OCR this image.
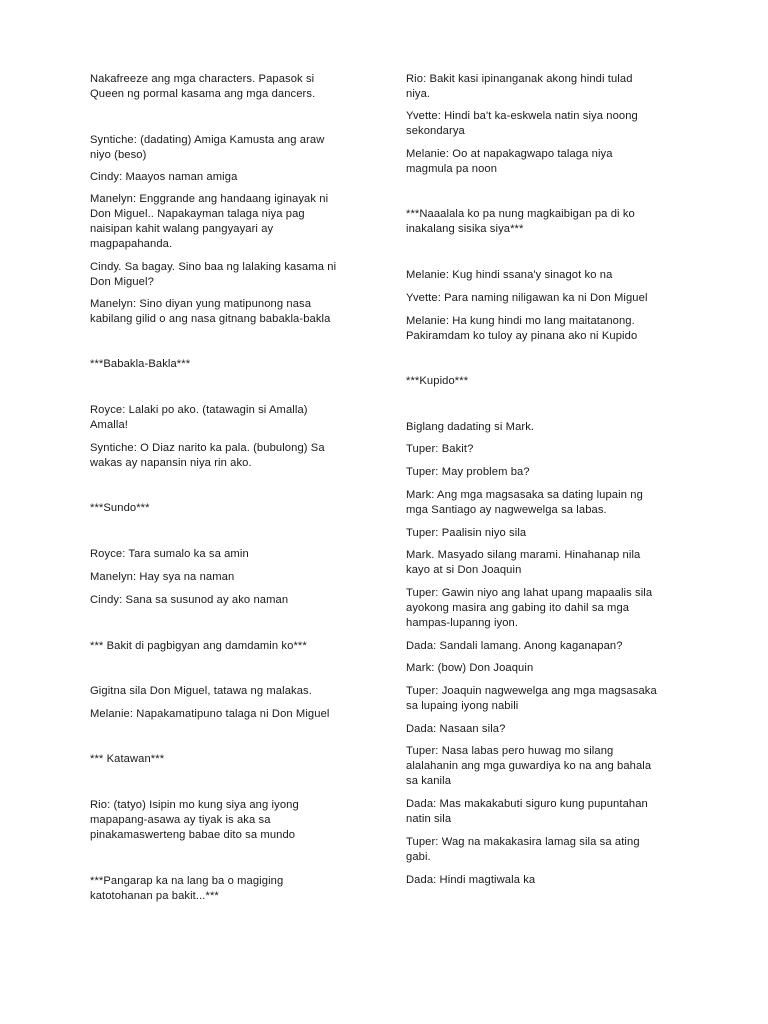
Nakafreeze ang mga characters. Papasok si

Queen ng pormal kasama ang mga dancers.

Syntiche: (dadating) Amiga Kamusta ang araw

niyo (beso)

Cindy: Maayos naman amiga

Manelyn: Enggrande ang handaang iginayak ni

Don Miguel.. Napakayman talaga niya pag

naisipan kahit walang pangyayari ay

magpapahanda.

Cindy. Sa bagay. Sino baa ng lalaking kasama ni

Don Miguel?

Manelyn: Sino diyan yung matipunong nasa

kabilang gilid o ang nasa gitnang babakla-bakla

***Babakla-Bakla***

Royce: Lalaki po ako. (tatawagin si Amalla)

Amalla!

Syntiche: O Diaz narito ka pala. (bubulong) Sa

wakas ay napansin niya rin ako.

***Sundo***

Royce: Tara sumalo ka sa amin

Manelyn: Hay sya na naman

Cindy: Sana sa susunod ay ako naman

*** Bakit di pagbigyan ang damdamin ko***

Gigitna sila Don Miguel, tatawa ng malakas.

Melanie: Napakamatipuno talaga ni Don Miguel

*** Katawan***

Rio: (tatyo) Isipin mo kung siya ang iyong

mapapang-asawa ay tiyak is aka sa

pinakamaswerteng babae dito sa mundo

***Pangarap ka na lang ba o magiging

katotohanan pa bakit...***

Rio: Bakit kasi ipinanganak akong hindi tulad

niya.

Yvette: Hindi ba't ka-eskwela natin siya noong

sekondarya

Melanie: Oo at napakagwapo talaga niya

magmula pa noon

***Naaalala ko pa nung magkaibigan pa di ko

inakalang sisika siya***

Melanie: Kug hindi ssana'y sinagot ko na

Yvette: Para naming niligawan ka ni Don Miguel

Melanie: Ha kung hindi mo lang maitatanong.

Pakiramdam ko tuloy ay pinana ako ni Kupido

***Kupido***

Biglang dadating si Mark.

Tuper: Bakit?

Tuper: May problem ba?

Mark: Ang mga magsasaka sa dating lupain ng

mga Santiago ay nagwewelga sa labas.

Tuper: Paalisin niyo sila

Mark. Masyado silang marami. Hinahanap nila

kayo at si Don Joaquin

Tuper: Gawin niyo ang lahat upang mapaalis sila

ayokong masira ang gabing ito dahil sa mga

hampas-lupanng iyon.

Dada: Sandali lamang. Anong kaganapan?

Mark: (bow) Don Joaquin

Tuper: Joaquin nagwewelga ang mga magsasaka

sa lupaing iyong nabili

Dada: Nasaan sila?

Tuper: Nasa labas pero huwag mo silang

alalahanin ang mga guwardiya ko na ang bahala

sa kanila

Dada: Mas makakabuti siguro kung pupuntahan

natin sila

Tuper: Wag na makakasira lamag sila sa ating

gabi.

Dada: Hindi magtiwala ka
